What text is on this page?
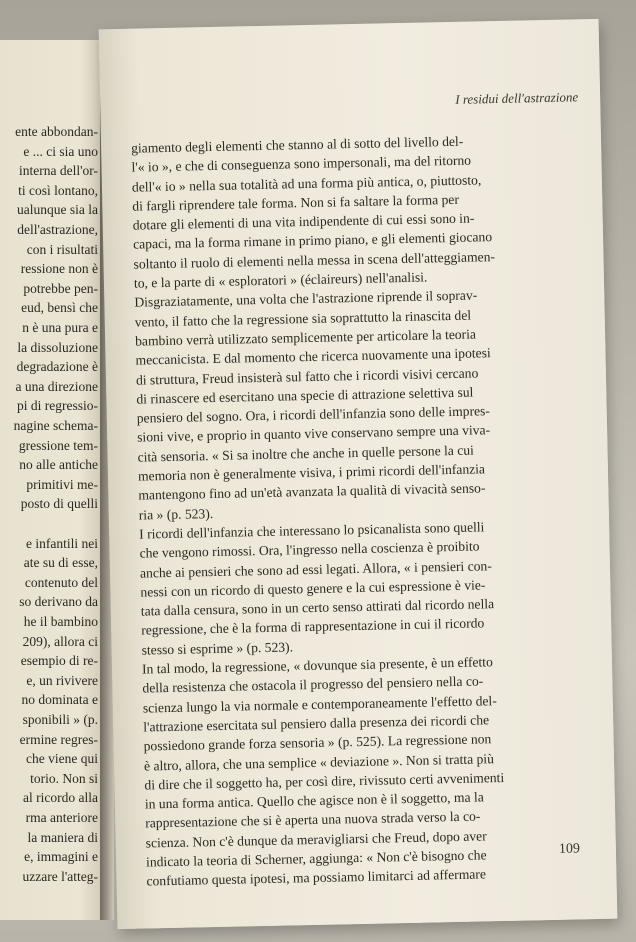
ente abbondan-
e ... ci sia uno
interna dell'or-
ti così lontano,
ualunque sia la
dell'astrazione,
con i risultati
ressione non è
potrebbe pen-
eud, bensì che
n è una pura e
la dissoluzione
degradazione è
a una direzione
pi di regressio-
nagine schema-
gressione tem-
no alle antiche
primitivi me-
posto di quelli
e infantili nei
ate su di esse,
contenuto del
so derivano da
he il bambino
209), allora ci
esempio di re-
e, un rivivere
no dominata e
sponibili » (p.
ermine regres-
che viene qui
torio. Non si
al ricordo alla
rma anteriore
la maniera di
e, immagini e
uzzare l'atteg-
I residui dell'astrazione
giamento degli elementi che stanno al di sotto del livello del-
l'« io », e che di conseguenza sono impersonali, ma del ritorno
dell'« io » nella sua totalità ad una forma più antica, o, piuttosto,
di fargli riprendere tale forma. Non si fa saltare la forma per
dotare gli elementi di una vita indipendente di cui essi sono in-
capaci, ma la forma rimane in primo piano, e gli elementi giocano
soltanto il ruolo di elementi nella messa in scena dell'atteggiamen-
to, e la parte di « esploratori » (éclaireurs) nell'analisi.
Disgraziatamente, una volta che l'astrazione riprende il soprav-
vento, il fatto che la regressione sia soprattutto la rinascita del
bambino verrà utilizzato semplicemente per articolare la teoria
meccanicista. E dal momento che ricerca nuovamente una ipotesi
di struttura, Freud insisterà sul fatto che i ricordi visivi cercano
di rinascere ed esercitano una specie di attrazione selettiva sul
pensiero del sogno. Ora, i ricordi dell'infanzia sono delle impres-
sioni vive, e proprio in quanto vive conservano sempre una viva-
cità sensoria. « Si sa inoltre che anche in quelle persone la cui
memoria non è generalmente visiva, i primi ricordi dell'infanzia
mantengono fino ad un'età avanzata la qualità di vivacità senso-
ria » (p. 523).
I ricordi dell'infanzia che interessano lo psicanalista sono quelli
che vengono rimossi. Ora, l'ingresso nella coscienza è proibito
anche ai pensieri che sono ad essi legati. Allora, « i pensieri con-
nessi con un ricordo di questo genere e la cui espressione è vie-
tata dalla censura, sono in un certo senso attirati dal ricordo nella
regressione, che è la forma di rappresentazione in cui il ricordo
stesso si esprime » (p. 523).
In tal modo, la regressione, « dovunque sia presente, è un effetto
della resistenza che ostacola il progresso del pensiero nella co-
scienza lungo la via normale e contemporaneamente l'effetto del-
l'attrazione esercitata sul pensiero dalla presenza dei ricordi che
possiedono grande forza sensoria » (p. 525). La regressione non
è altro, allora, che una semplice « deviazione ». Non si tratta più
di dire che il soggetto ha, per così dire, rivissuto certi avvenimenti
in una forma antica. Quello che agisce non è il soggetto, ma la
rappresentazione che si è aperta una nuova strada verso la co-
scienza. Non c'è dunque da meravigliarsi che Freud, dopo aver
indicato la teoria di Scherner, aggiunga: « Non c'è bisogno che
confutiamo questa ipotesi, ma possiamo limitarci ad affermare
109
